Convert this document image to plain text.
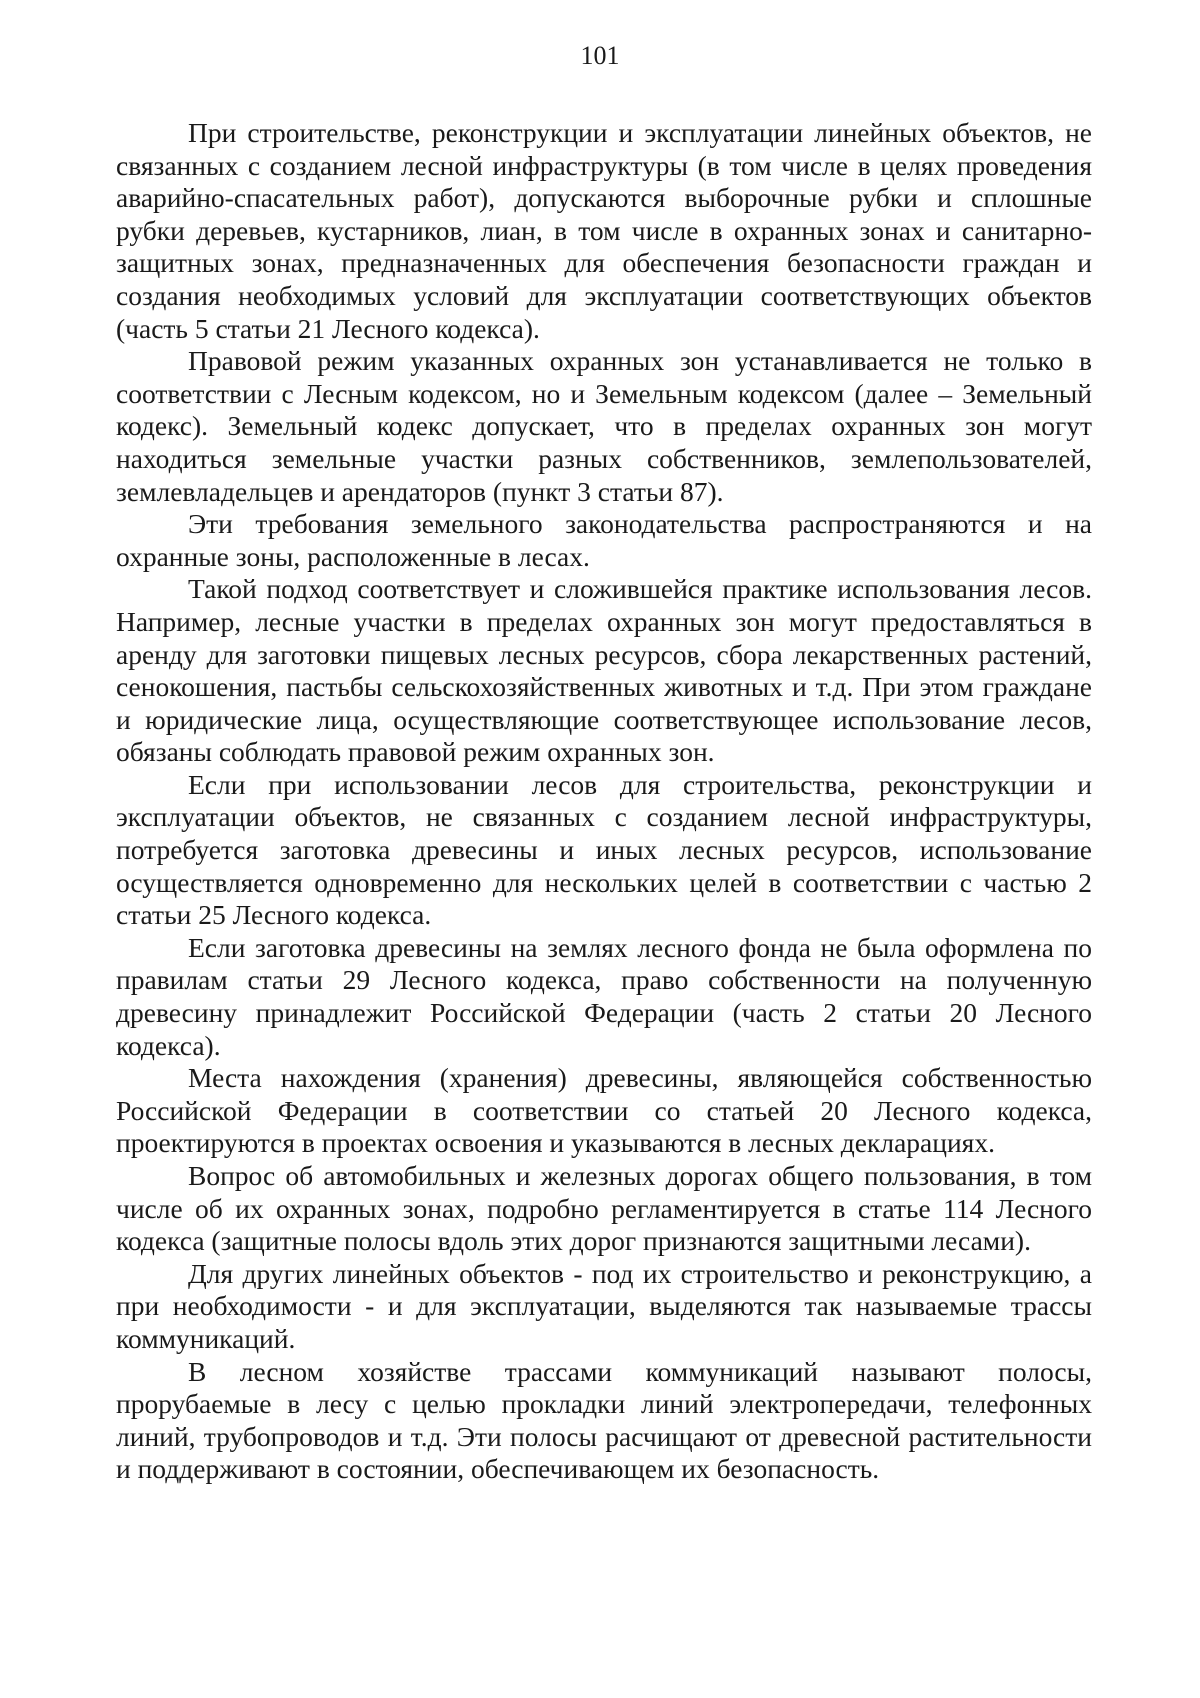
101

При строительстве, реконструкции и эксплуатации линейных объектов, не связанных с созданием лесной инфраструктуры (в том числе в целях проведения аварийно-спасательных работ), допускаются выборочные рубки и сплошные рубки деревьев, кустарников, лиан, в том числе в охранных зонах и санитарно-защитных зонах, предназначенных для обеспечения безопасности граждан и создания необходимых условий для эксплуатации соответствующих объектов (часть 5 статьи 21 Лесного кодекса).

Правовой режим указанных охранных зон устанавливается не только в соответствии с Лесным кодексом, но и Земельным кодексом (далее – Земельный кодекс). Земельный кодекс допускает, что в пределах охранных зон могут находиться земельные участки разных собственников, землепользователей, землевладельцев и арендаторов (пункт 3 статьи 87).

Эти требования земельного законодательства распространяются и на охранные зоны, расположенные в лесах.

Такой подход соответствует и сложившейся практике использования лесов. Например, лесные участки в пределах охранных зон могут предоставляться в аренду для заготовки пищевых лесных ресурсов, сбора лекарственных растений, сенокошения, пастьбы сельскохозяйственных животных и т.д. При этом граждане и юридические лица, осуществляющие соответствующее использование лесов, обязаны соблюдать правовой режим охранных зон.

Если при использовании лесов для строительства, реконструкции и эксплуатации объектов, не связанных с созданием лесной инфраструктуры, потребуется заготовка древесины и иных лесных ресурсов, использование осуществляется одновременно для нескольких целей в соответствии с частью 2 статьи 25 Лесного кодекса.

Если заготовка древесины на землях лесного фонда не была оформлена по правилам статьи 29 Лесного кодекса, право собственности на полученную древесину принадлежит Российской Федерации (часть 2 статьи 20 Лесного кодекса).

Места нахождения (хранения) древесины, являющейся собственностью Российской Федерации в соответствии со статьей 20 Лесного кодекса, проектируются в проектах освоения и указываются в лесных декларациях.

Вопрос об автомобильных и железных дорогах общего пользования, в том числе об их охранных зонах, подробно регламентируется в статье 114 Лесного кодекса (защитные полосы вдоль этих дорог признаются защитными лесами).

Для других линейных объектов - под их строительство и реконструкцию, а при необходимости - и для эксплуатации, выделяются так называемые трассы коммуникаций.

В лесном хозяйстве трассами коммуникаций называют полосы, прорубаемые в лесу с целью прокладки линий электропередачи, телефонных линий, трубопроводов и т.д. Эти полосы расчищают от древесной растительности и поддерживают в состоянии, обеспечивающем их безопасность.
